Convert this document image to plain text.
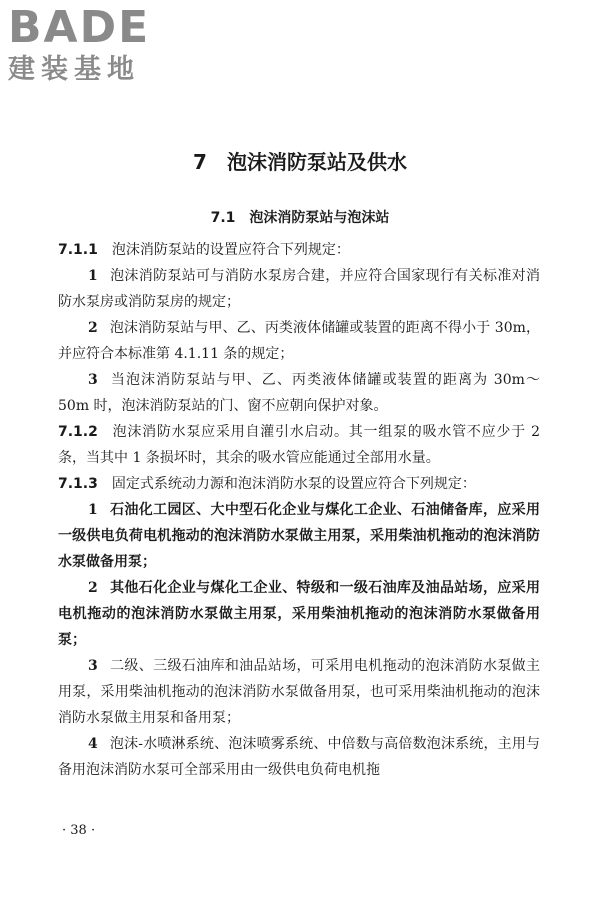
BADE
建装基地
7 泡沫消防泵站及供水
7.1 泡沫消防泵站与泡沫站

7.1.1 泡沫消防泵站的设置应符合下列规定：

1 泡沫消防泵站可与消防水泵房合建，并应符合国家现行有关标准对消防水泵房或消防泵房的规定；

2 泡沫消防泵站与甲、乙、丙类液体储罐或装置的距离不得小于 30m，并应符合本标准第 4.1.11 条的规定；

3 当泡沫消防泵站与甲、乙、丙类液体储罐或装置的距离为 30m～50m 时，泡沫消防泵站的门、窗不应朝向保护对象。

7.1.2 泡沫消防水泵应采用自灌引水启动。其一组泵的吸水管不应少于 2 条，当其中 1 条损坏时，其余的吸水管应能通过全部用水量。

7.1.3 固定式系统动力源和泡沫消防水泵的设置应符合下列规定：

1 石油化工园区、大中型石化企业与煤化工企业、石油储备库，应采用一级供电负荷电机拖动的泡沫消防水泵做主用泵，采用柴油机拖动的泡沫消防水泵做备用泵；

2 其他石化企业与煤化工企业、特级和一级石油库及油品站场，应采用电机拖动的泡沫消防水泵做主用泵，采用柴油机拖动的泡沫消防水泵做备用泵；

3 二级、三级石油库和油品站场，可采用电机拖动的泡沫消防水泵做主用泵，采用柴油机拖动的泡沫消防水泵做备用泵，也可采用柴油机拖动的泡沫消防水泵做主用泵和备用泵；

4 泡沫-水喷淋系统、泡沫喷雾系统、中倍数与高倍数泡沫系统，主用与备用泡沫消防水泵可全部采用由一级供电负荷电机拖

· 38 ·
